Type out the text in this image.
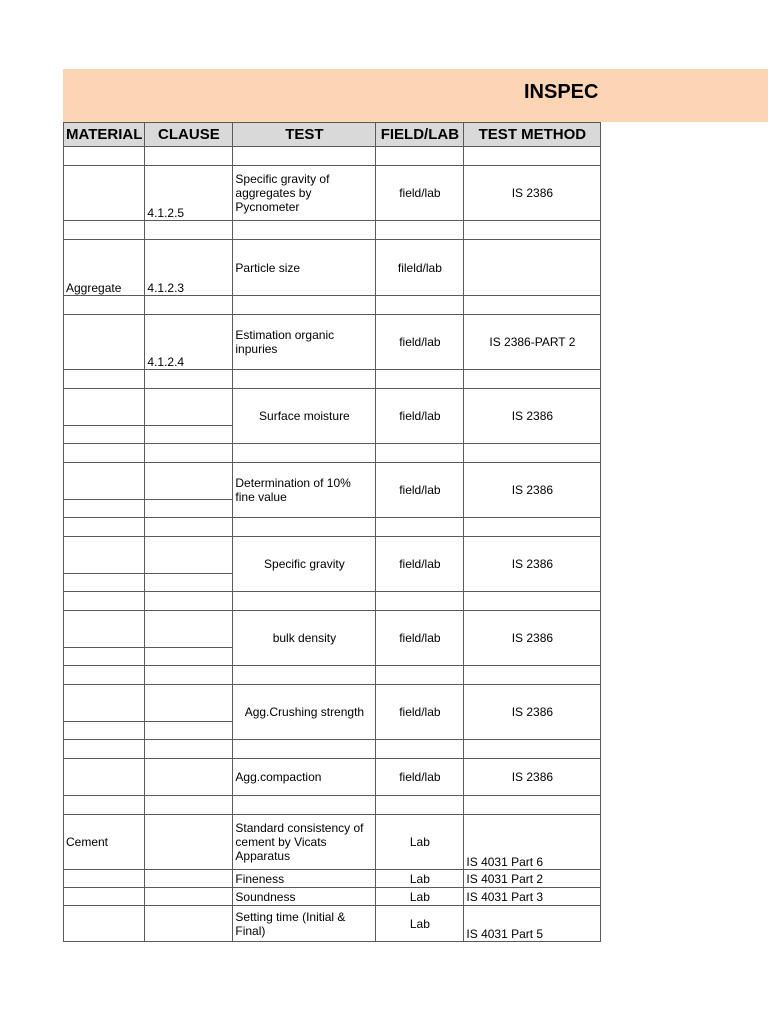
INSPEC
MATERIAL	CLAUSE	TEST	FIELD/LAB	TEST METHOD

	4.1.2.5	Specific gravity of aggregates by Pycnometer	field/lab	IS 2386

Aggregate	4.1.2.3	Particle size	fileld/lab	

	4.1.2.4	Estimation organic inpuries	field/lab	IS 2386-PART 2

		Surface moisture	field/lab	IS 2386

		Determination of 10% fine value	field/lab	IS 2386

		Specific gravity	field/lab	IS 2386

		bulk density	field/lab	IS 2386

		Agg.Crushing strength	field/lab	IS 2386

		Agg.compaction	field/lab	IS 2386

Cement		Standard consistency of cement by Vicats Apparatus	Lab	IS 4031 Part 6
		Fineness	Lab	IS 4031 Part 2
		Soundness	Lab	IS 4031 Part 3
		Setting time (Initial & Final)	Lab	IS 4031 Part 5
